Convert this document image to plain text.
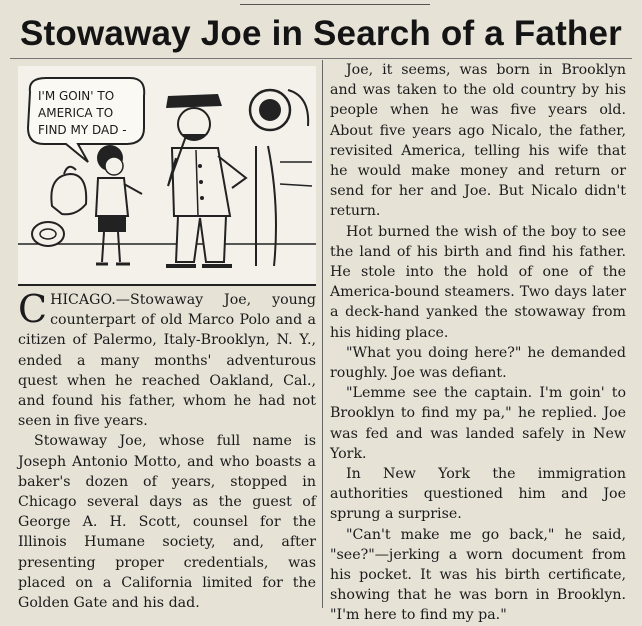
Stowaway Joe in Search of a Father
I'M GOIN' TO
AMERICA TO
FIND MY DAD -

CHICAGO.—Stowaway Joe, young counterpart of old Marco Polo and a citizen of Palermo, Italy-Brooklyn, N. Y., ended a many months' adventurous quest when he reached Oakland, Cal., and found his father, whom he had not seen in five years.

Stowaway Joe, whose full name is Joseph Antonio Motto, and who boasts a baker's dozen of years, stopped in Chicago several days as the guest of George A. H. Scott, counsel for the Illinois Humane society, and, after presenting proper credentials, was placed on a California limited for the Golden Gate and his dad.

Joe, it seems, was born in Brooklyn and was taken to the old country by his people when he was five years old. About five years ago Nicalo, the father, revisited America, telling his wife that he would make money and return or send for her and Joe. But Nicalo didn't return.

Hot burned the wish of the boy to see the land of his birth and find his father. He stole into the hold of one of the America-bound steamers. Two days later a deck-hand yanked the stowaway from his hiding place.

"What you doing here?" he demanded roughly. Joe was defiant.

"Lemme see the captain. I'm goin' to Brooklyn to find my pa," he replied. Joe was fed and was landed safely in New York.

In New York the immigration authorities questioned him and Joe sprung a surprise.

"Can't make me go back," he said, "see?"—jerking a worn document from his pocket. It was his birth certificate, showing that he was born in Brooklyn. "I'm here to find my pa."
